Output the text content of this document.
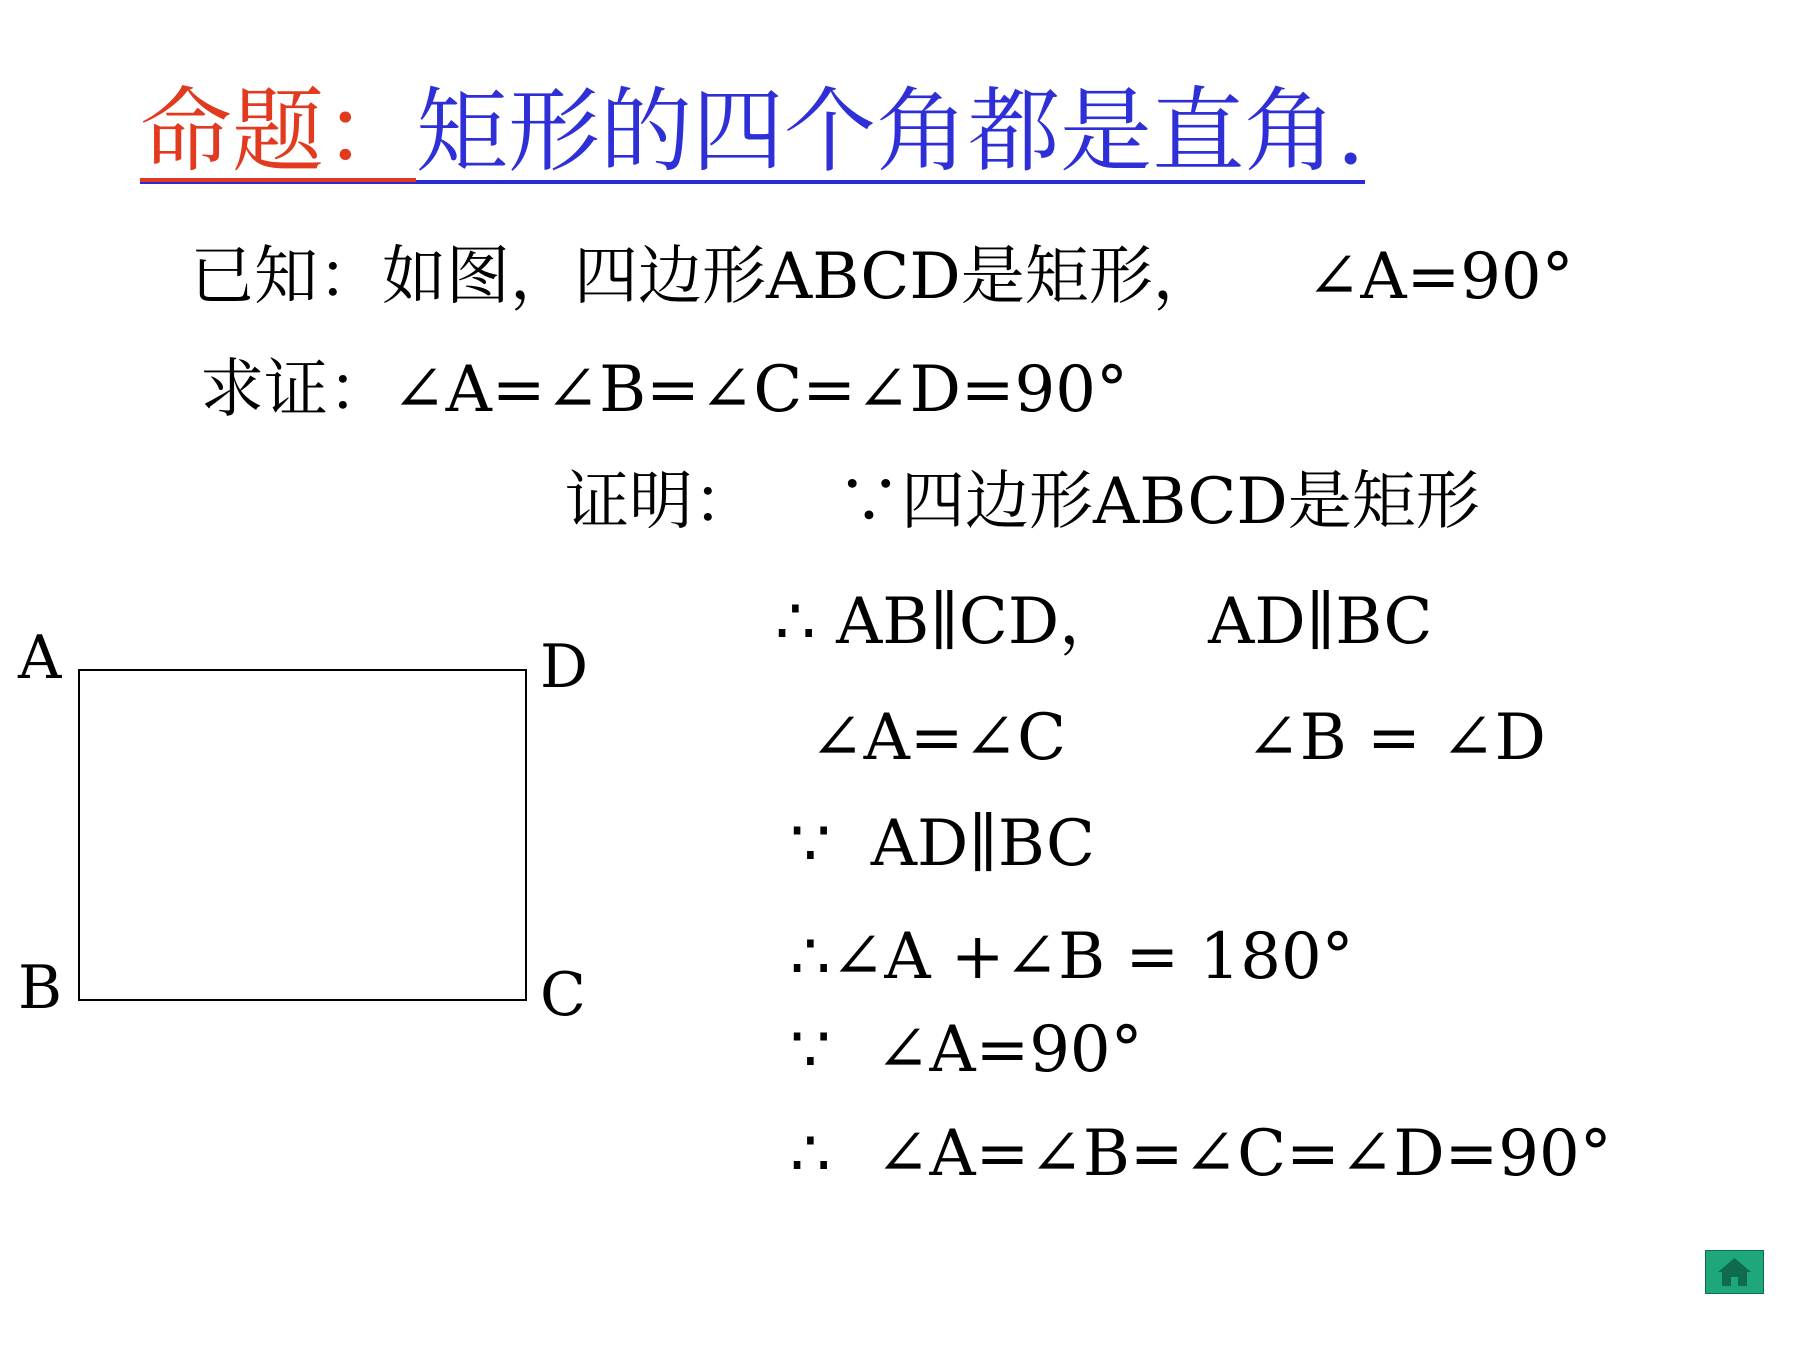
命题：矩形的四个角都是直角.
已知：如图，四边形ABCD是矩形， ∠A=90°
求证：∠A=∠B=∠C=∠D=90°
证明： ∵四边形ABCD是矩形
∴ AB∥CD， AD∥BC
∠A=∠C	∠B = ∠D
∵ AD∥BC
∴∠A +∠B = 180°
∵ ∠A=90°
∴ ∠A=∠B=∠C=∠D=90°
A	D
B	C
